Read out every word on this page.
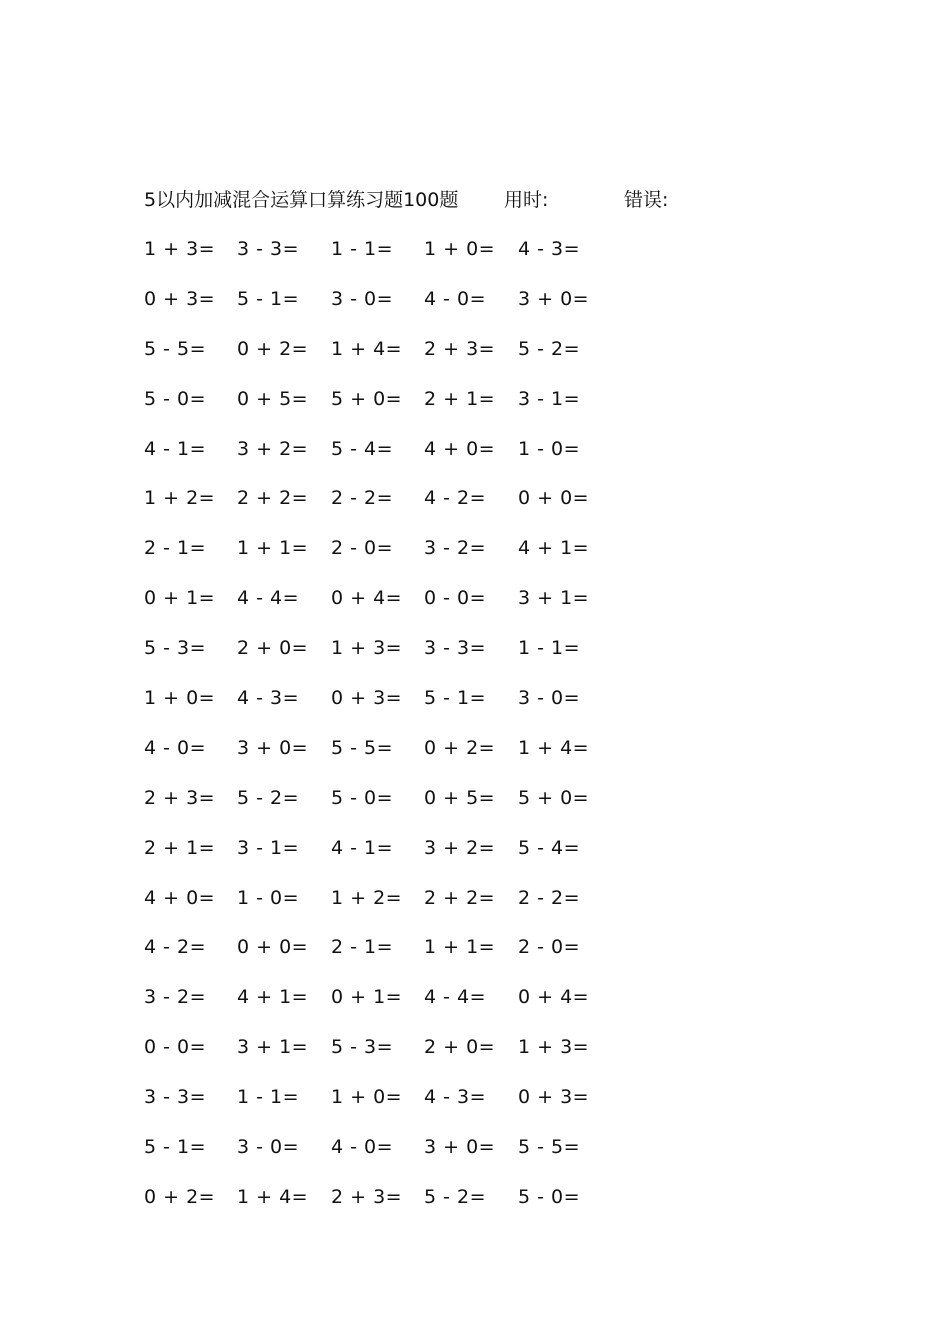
5以内加减混合运算口算练习题100题 用时:	错误:
1 + 3=	3 - 3=	1 - 1=	1 + 0=	4 - 3=
0 + 3=	5 - 1=	3 - 0=	4 - 0=	3 + 0=
5 - 5=	0 + 2=	1 + 4=	2 + 3=	5 - 2=
5 - 0=	0 + 5=	5 + 0=	2 + 1=	3 - 1=
4 - 1=	3 + 2=	5 - 4=	4 + 0=	1 - 0=
1 + 2=	2 + 2=	2 - 2=	4 - 2=	0 + 0=
2 - 1=	1 + 1=	2 - 0=	3 - 2=	4 + 1=
0 + 1=	4 - 4=	0 + 4=	0 - 0=	3 + 1=
5 - 3=	2 + 0=	1 + 3=	3 - 3=	1 - 1=
1 + 0=	4 - 3=	0 + 3=	5 - 1=	3 - 0=
4 - 0=	3 + 0=	5 - 5=	0 + 2=	1 + 4=
2 + 3=	5 - 2=	5 - 0=	0 + 5=	5 + 0=
2 + 1=	3 - 1=	4 - 1=	3 + 2=	5 - 4=
4 + 0=	1 - 0=	1 + 2=	2 + 2=	2 - 2=
4 - 2=	0 + 0=	2 - 1=	1 + 1=	2 - 0=
3 - 2=	4 + 1=	0 + 1=	4 - 4=	0 + 4=
0 - 0=	3 + 1=	5 - 3=	2 + 0=	1 + 3=
3 - 3=	1 - 1=	1 + 0=	4 - 3=	0 + 3=
5 - 1=	3 - 0=	4 - 0=	3 + 0=	5 - 5=
0 + 2=	1 + 4=	2 + 3=	5 - 2=	5 - 0=
